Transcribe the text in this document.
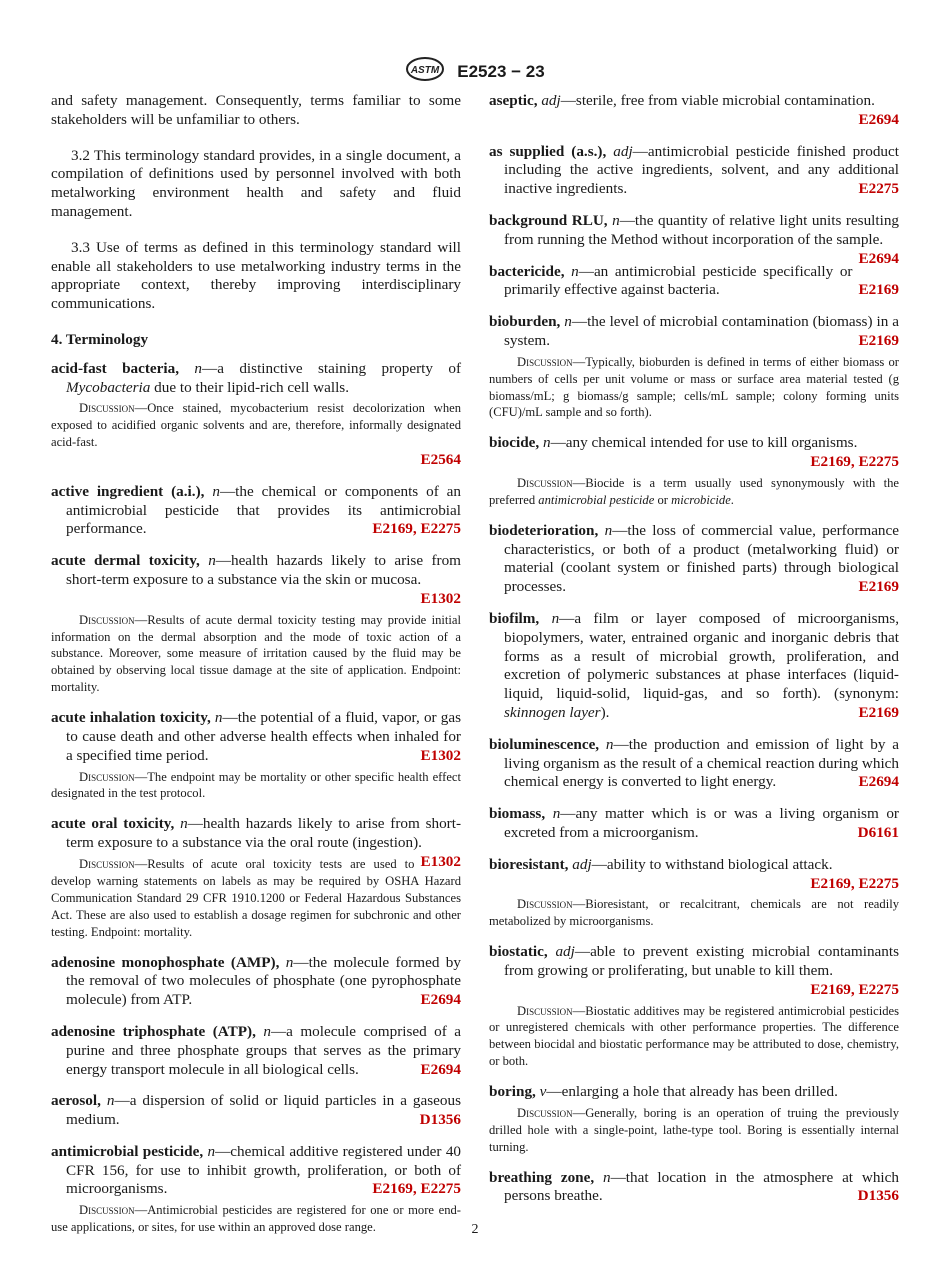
ASTM E2523 − 23

and safety management. Consequently, terms familiar to some stakeholders will be unfamiliar to others.

3.2 This terminology standard provides, in a single document, a compilation of definitions used by personnel involved with both metalworking environment health and safety and fluid management.

3.3 Use of terms as defined in this terminology standard will enable all stakeholders to use metalworking industry terms in the appropriate context, thereby improving interdisciplinary communications.

4. Terminology

acid-fast bacteria, n—a distinctive staining property of Mycobacteria due to their lipid-rich cell walls.

Discussion—Once stained, mycobacterium resist decolorization when exposed to acidified organic solvents and are, therefore, informally designated acid-fast.

E2564

active ingredient (a.i.), n—the chemical or components of an antimicrobial pesticide that provides its antimicrobial performance.	E2169, E2275

acute dermal toxicity, n—health hazards likely to arise from short-term exposure to a substance via the skin or mucosa.

E1302

Discussion—Results of acute dermal toxicity testing may provide initial information on the dermal absorption and the mode of toxic action of a substance. Moreover, some measure of irritation caused by the fluid may be obtained by observing local tissue damage at the site of application. Endpoint: mortality.

acute inhalation toxicity, n—the potential of a fluid, vapor, or gas to cause death and other adverse health effects when inhaled for a specified time period.	E1302

Discussion—The endpoint may be mortality or other specific health effect designated in the test protocol.

acute oral toxicity, n—health hazards likely to arise from short-term exposure to a substance via the oral route (ingestion).
E1302

Discussion—Results of acute oral toxicity tests are used to develop warning statements on labels as may be required by OSHA Hazard Communication Standard 29 CFR 1910.1200 or Federal Hazardous Substances Act. These are also used to establish a dosage regimen for subchronic and other testing. Endpoint: mortality.

adenosine monophosphate (AMP), n—the molecule formed by the removal of two molecules of phosphate (one pyrophosphate molecule) from ATP.	E2694

adenosine triphosphate (ATP), n—a molecule comprised of a purine and three phosphate groups that serves as the primary energy transport molecule in all biological cells.	E2694

aerosol, n—a dispersion of solid or liquid particles in a gaseous medium.	D1356

antimicrobial pesticide, n—chemical additive registered under 40 CFR 156, for use to inhibit growth, proliferation, or both of microorganisms.	E2169, E2275

Discussion—Antimicrobial pesticides are registered for one or more end-use applications, or sites, for use within an approved dose range.

aseptic, adj—sterile, free from viable microbial contamination.

E2694

as supplied (a.s.), adj—antimicrobial pesticide finished product including the active ingredients, solvent, and any additional inactive ingredients.	E2275

background RLU, n—the quantity of relative light units resulting from running the Method without incorporation of the sample.
E2694

bactericide, n—an antimicrobial pesticide specifically or primarily effective against bacteria.	E2169

bioburden, n—the level of microbial contamination (biomass) in a system.	E2169

Discussion—Typically, bioburden is defined in terms of either biomass or numbers of cells per unit volume or mass or surface area material tested (g biomass/mL; g biomass/g sample; cells/mL sample; colony forming units (CFU)/mL sample and so forth).

biocide, n—any chemical intended for use to kill organisms.

E2169, E2275

Discussion—Biocide is a term usually used synonymously with the preferred antimicrobial pesticide or microbicide.

biodeterioration, n—the loss of commercial value, performance characteristics, or both of a product (metalworking fluid) or material (coolant system or finished parts) through biological processes.	E2169

biofilm, n—a film or layer composed of microorganisms, biopolymers, water, entrained organic and inorganic debris that forms as a result of microbial growth, proliferation, and excretion of polymeric substances at phase interfaces (liquid-liquid, liquid-solid, liquid-gas, and so forth). (synonym: skinnogen layer).	E2169

bioluminescence, n—the production and emission of light by a living organism as the result of a chemical reaction during which chemical energy is converted to light energy.	E2694

biomass, n—any matter which is or was a living organism or excreted from a microorganism.	D6161

bioresistant, adj—ability to withstand biological attack.

E2169, E2275

Discussion—Bioresistant, or recalcitrant, chemicals are not readily metabolized by microorganisms.

biostatic, adj—able to prevent existing microbial contaminants from growing or proliferating, but unable to kill them.

E2169, E2275

Discussion—Biostatic additives may be registered antimicrobial pesticides or unregistered chemicals with other performance properties. The difference between biocidal and biostatic performance may be attributed to dose, chemistry, or both.

boring, v—enlarging a hole that already has been drilled.

Discussion—Generally, boring is an operation of truing the previously drilled hole with a single-point, lathe-type tool. Boring is essentially internal turning.

breathing zone, n—that location in the atmosphere at which persons breathe.	D1356

2
